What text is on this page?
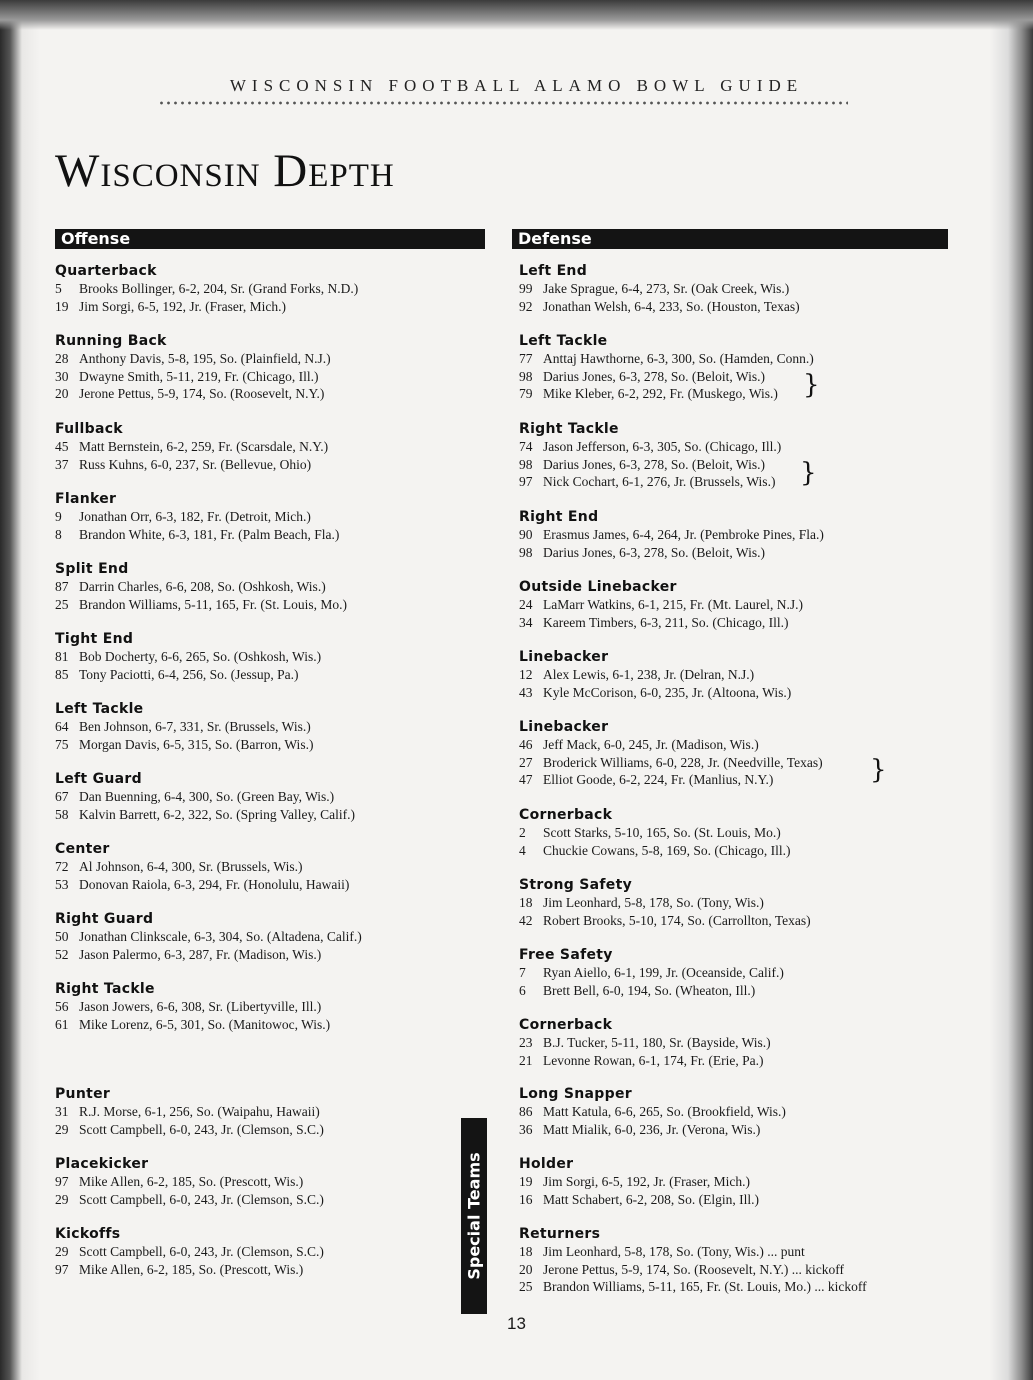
WISCONSIN FOOTBALL ALAMO BOWL GUIDE
Wisconsin Depth
Offense
Quarterback
5	Brooks Bollinger, 6-2, 204, Sr. (Grand Forks, N.D.)
19 Jim Sorgi, 6-5, 192, Jr. (Fraser, Mich.)
Running Back
28 Anthony Davis, 5-8, 195, So. (Plainfield, N.J.)
30 Dwayne Smith, 5-11, 219, Fr. (Chicago, Ill.)
20 Jerone Pettus, 5-9, 174, So. (Roosevelt, N.Y.)
Fullback
45 Matt Bernstein, 6-2, 259, Fr. (Scarsdale, N.Y.)
37 Russ Kuhns, 6-0, 237, Sr. (Bellevue, Ohio)
Flanker
9	Jonathan Orr, 6-3, 182, Fr. (Detroit, Mich.)
8	Brandon White, 6-3, 181, Fr. (Palm Beach, Fla.)
Split End
87 Darrin Charles, 6-6, 208, So. (Oshkosh, Wis.)
25 Brandon Williams, 5-11, 165, Fr. (St. Louis, Mo.)
Tight End
81 Bob Docherty, 6-6, 265, So. (Oshkosh, Wis.)
85 Tony Paciotti, 6-4, 256, So. (Jessup, Pa.)
Left Tackle
64 Ben Johnson, 6-7, 331, Sr. (Brussels, Wis.)
75 Morgan Davis, 6-5, 315, So. (Barron, Wis.)
Left Guard
67 Dan Buenning, 6-4, 300, So. (Green Bay, Wis.)
58 Kalvin Barrett, 6-2, 322, So. (Spring Valley, Calif.)
Center
72 Al Johnson, 6-4, 300, Sr. (Brussels, Wis.)
53 Donovan Raiola, 6-3, 294, Fr. (Honolulu, Hawaii)
Right Guard
50 Jonathan Clinkscale, 6-3, 304, So. (Altadena, Calif.)
52 Jason Palermo, 6-3, 287, Fr. (Madison, Wis.)
Right Tackle
56 Jason Jowers, 6-6, 308, Sr. (Libertyville, Ill.)
61 Mike Lorenz, 6-5, 301, So. (Manitowoc, Wis.)
Defense
Left End
99 Jake Sprague, 6-4, 273, Sr. (Oak Creek, Wis.)
92 Jonathan Welsh, 6-4, 233, So. (Houston, Texas)
Left Tackle
77 Anttaj Hawthorne, 6-3, 300, So. (Hamden, Conn.)
98 Darius Jones, 6-3, 278, So. (Beloit, Wis.)
79 Mike Kleber, 6-2, 292, Fr. (Muskego, Wis.)
Right Tackle
74 Jason Jefferson, 6-3, 305, So. (Chicago, Ill.)
98 Darius Jones, 6-3, 278, So. (Beloit, Wis.)
97 Nick Cochart, 6-1, 276, Jr. (Brussels, Wis.)
Right End
90 Erasmus James, 6-4, 264, Jr. (Pembroke Pines, Fla.)
98 Darius Jones, 6-3, 278, So. (Beloit, Wis.)
Outside Linebacker
24 LaMarr Watkins, 6-1, 215, Fr. (Mt. Laurel, N.J.)
34 Kareem Timbers, 6-3, 211, So. (Chicago, Ill.)
Linebacker
12 Alex Lewis, 6-1, 238, Jr. (Delran, N.J.)
43 Kyle McCorison, 6-0, 235, Jr. (Altoona, Wis.)
Linebacker
46 Jeff Mack, 6-0, 245, Jr. (Madison, Wis.)
27 Broderick Williams, 6-0, 228, Jr. (Needville, Texas)
47 Elliot Goode, 6-2, 224, Fr. (Manlius, N.Y.)
Cornerback
2	Scott Starks, 5-10, 165, So. (St. Louis, Mo.)
4	Chuckie Cowans, 5-8, 169, So. (Chicago, Ill.)
Strong Safety
18 Jim Leonhard, 5-8, 178, So. (Tony, Wis.)
42 Robert Brooks, 5-10, 174, So. (Carrollton, Texas)
Free Safety
7	Ryan Aiello, 6-1, 199, Jr. (Oceanside, Calif.)
6	Brett Bell, 6-0, 194, So. (Wheaton, Ill.)
Cornerback
23 B.J. Tucker, 5-11, 180, Sr. (Bayside, Wis.)
21 Levonne Rowan, 6-1, 174, Fr. (Erie, Pa.)
Punter
31 R.J. Morse, 6-1, 256, So. (Waipahu, Hawaii)
29 Scott Campbell, 6-0, 243, Jr. (Clemson, S.C.)
Placekicker
97 Mike Allen, 6-2, 185, So. (Prescott, Wis.)
29 Scott Campbell, 6-0, 243, Jr. (Clemson, S.C.)
Kickoffs
29 Scott Campbell, 6-0, 243, Jr. (Clemson, S.C.)
97 Mike Allen, 6-2, 185, So. (Prescott, Wis.)	Special Teams
Long Snapper
86 Matt Katula, 6-6, 265, So. (Brookfield, Wis.)
36 Matt Mialik, 6-0, 236, Jr. (Verona, Wis.)
Holder
19 Jim Sorgi, 6-5, 192, Jr. (Fraser, Mich.)
16 Matt Schabert, 6-2, 208, So. (Elgin, Ill.)
Returners
18 Jim Leonhard, 5-8, 178, So. (Tony, Wis.) ... punt
20 Jerone Pettus, 5-9, 174, So. (Roosevelt, N.Y.) ... kickoff
25 Brandon Williams, 5-11, 165, Fr. (St. Louis, Mo.) ... kickoff
}
}
}
13
